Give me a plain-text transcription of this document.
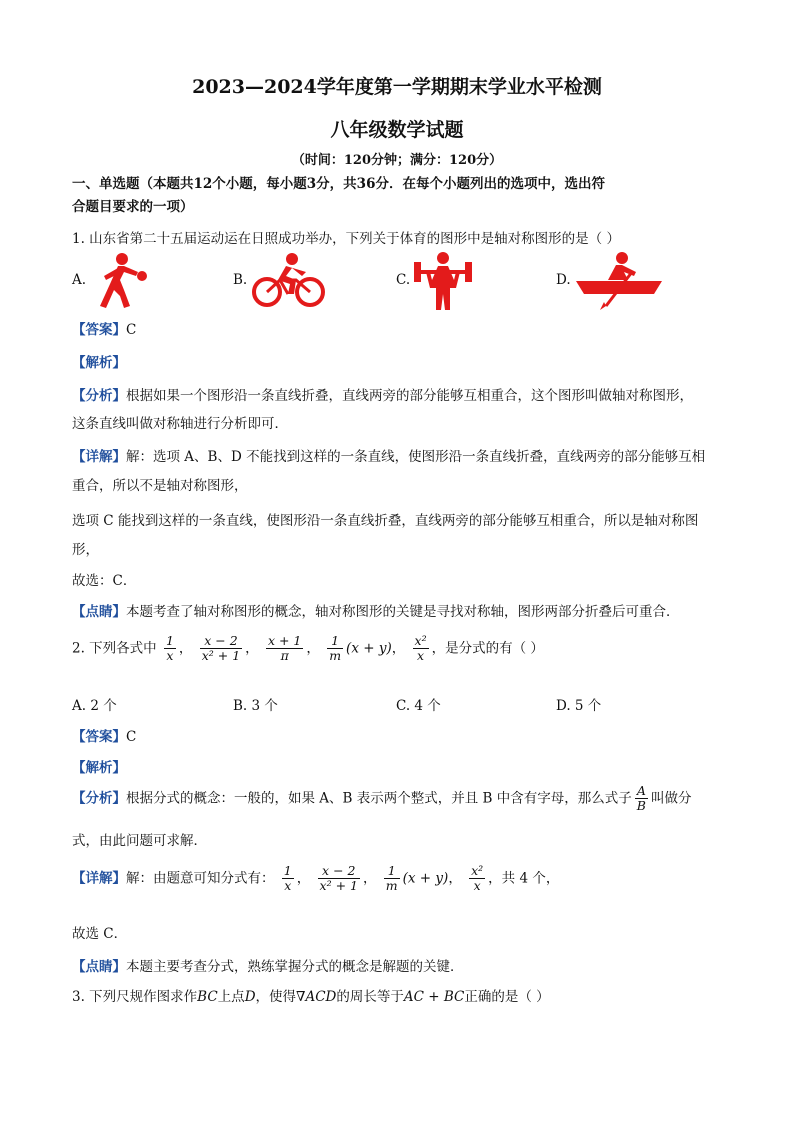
2023—2024学年度第一学期期末学业水平检测
八年级数学试题
（时间：120分钟；满分：120分）
一、单选题（本题共12个小题，每小题3分，共36分．在每个小题列出的选项中，选出符
合题目要求的一项）
1. 山东省第二十五届运动运在日照成功举办，下列关于体育的图形中是轴对称图形的是（ ）
A.	B.	C.	D.
【答案】C
【解析】
【分析】根据如果一个图形沿一条直线折叠，直线两旁的部分能够互相重合，这个图形叫做轴对称图形，
这条直线叫做对称轴进行分析即可．
【详解】解：选项 A、B、D 不能找到这样的一条直线，使图形沿一条直线折叠，直线两旁的部分能够互相
重合，所以不是轴对称图形，
选项 C 能找到这样的一条直线，使图形沿一条直线折叠，直线两旁的部分能够互相重合，所以是轴对称图
形，
故选：C．
【点睛】本题考查了轴对称图形的概念，轴对称图形的关键是寻找对称轴，图形两部分折叠后可重合．
2. 下列各式中 $\frac{1}{x}$ ， $\frac{x - 2}{\text{x² + 1}}$ ， $\frac{x + 1}{\pi}$ ， $\frac{1}{m} (x + y)$， $\frac{\text{x²}}{x}$ ，是分式的有（ ）
A. 2 个	B. 3 个	C. 4 个	D. 5 个
【答案】C
【解析】
【分析】根据分式的概念：一般的，如果 A、B 表示两个整式，并且 B 中含有字母，那么式子 $\frac{A}{B}$ 叫做分
式，由此问题可求解．
【详解】解：由题意可知分式有： $\frac{1}{x}$ ， $\frac{x - 2}{\text{x² + 1}}$ ， $\frac{1}{m} (x + y)$， $\frac{\text{x²}}{x}$ ，共 4 个，
故选 C．
【点睛】本题主要考查分式，熟练掌握分式的概念是解题的关键．
3. 下列尺规作图求作BC上点D，使得∇ACD的周长等于AC + BC正确的是（ ）
